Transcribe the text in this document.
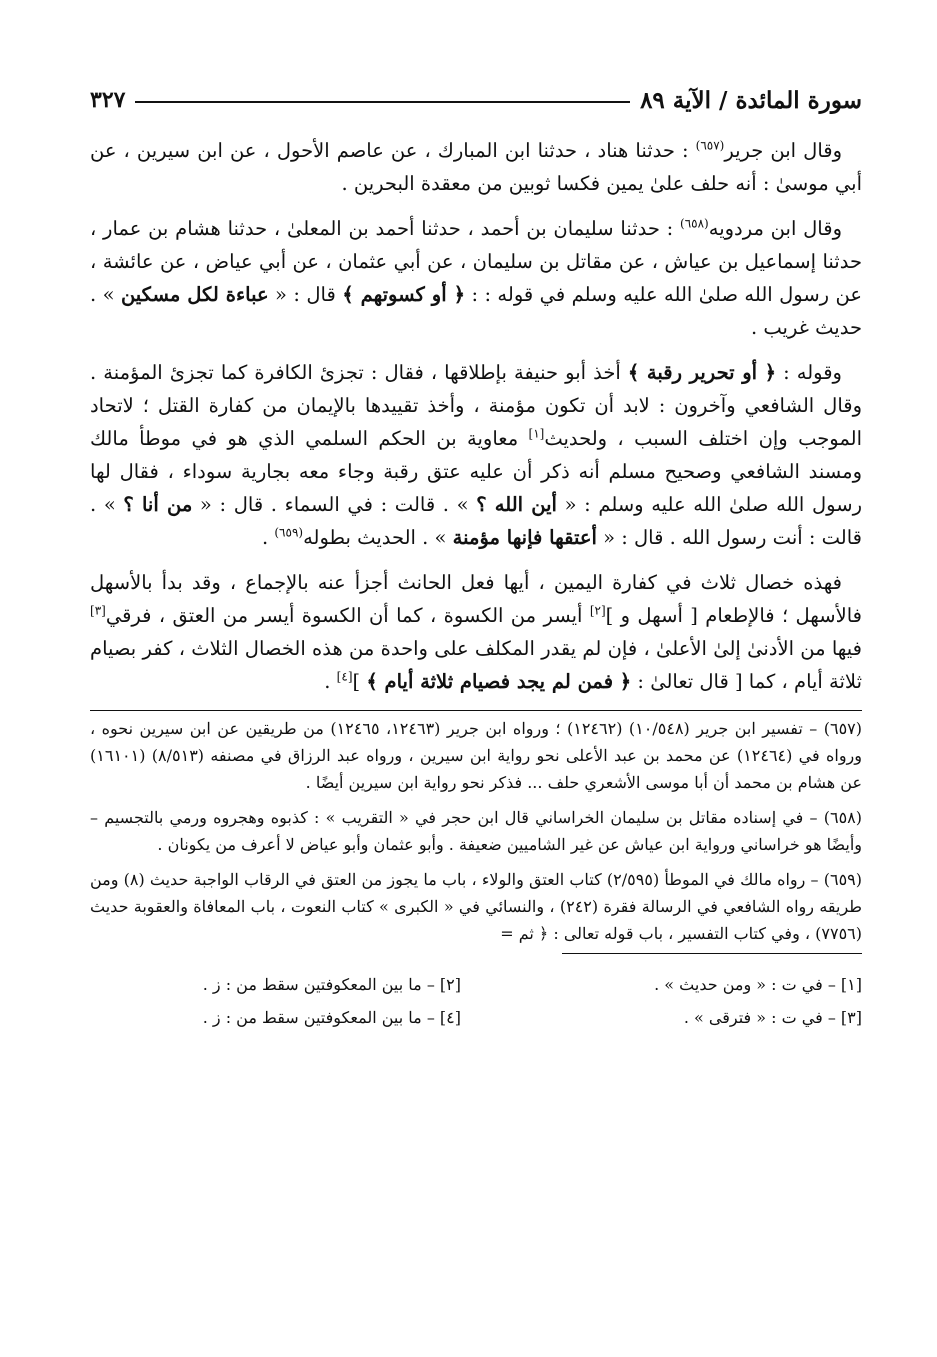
سورة المائدة / الآية ٨٩
٣٢٧

وقال ابن جرير$^{(٦٥٧)}$ : حدثنا هناد ، حدثنا ابن المبارك ، عن عاصم الأحول ، عن ابن سيرين ، عن أبي موسىٰ : أنه حلف علىٰ يمين فكسا ثوبين من معقدة البحرين .

وقال ابن مردويه$^{(٦٥٨)}$ : حدثنا سليمان بن أحمد ، حدثنا أحمد بن المعلىٰ ، حدثنا هشام بن عمار ، حدثنا إسماعيل بن عياش ، عن مقاتل بن سليمان ، عن أبي عثمان ، عن أبي عياض ، عن عائشة ، عن رسول الله صلىٰ الله عليه وسلم في قوله : : ﴿ أو كسوتهم ﴾ قال : « عباءة لكل مسكين » . حديث غريب .

وقوله : ﴿ أو تحرير رقبة ﴾ أخذ أبو حنيفة بإطلاقها ، فقال : تجزئ الكافرة كما تجزئ المؤمنة . وقال الشافعي وآخرون : لابد أن تكون مؤمنة ، وأخذ تقييدها بالإيمان من كفارة القتل ؛ لاتحاد الموجب وإن اختلف السبب ، ولحديث[١] معاوية بن الحكم السلمي الذي هو في موطأ مالك ومسند الشافعي وصحيح مسلم أنه ذكر أن عليه عتق رقبة وجاء معه بجارية سوداء ، فقال لها رسول الله صلىٰ الله عليه وسلم : « أين الله ؟ » . قالت : في السماء . قال : « من أنا ؟ » . قالت : أنت رسول الله . قال : « أعتقها فإنها مؤمنة » . الحديث بطوله$^{(٦٥٩)}$ .

فهذه خصال ثلاث في كفارة اليمين ، أيها فعل الحانث أجزأ عنه بالإجماع ، وقد بدأ بالأسهل فالأسهل ؛ فالإطعام [ أسهل و ][٢] أيسر من الكسوة ، كما أن الكسوة أيسر من العتق ، فرقي[٣] فيها من الأدنىٰ إلىٰ الأعلىٰ ، فإن لم يقدر المكلف على واحدة من هذه الخصال الثلاث ، كفر بصيام ثلاثة أيام ، كما [ قال تعالىٰ : ﴿ فمن لم يجد فصيام ثلاثة أيام ﴾ ][٤] .

(٦٥٧) – تفسير ابن جرير (١٠/٥٤٨) (١٢٤٦٢) ؛ ورواه ابن جرير (١٢٤٦٣، ١٢٤٦٥) من طريقين عن ابن سيرين نحوه ، ورواه في (١٢٤٦٤) عن محمد بن عبد الأعلى نحو رواية ابن سيرين ، ورواه عبد الرزاق في مصنفه (٨/٥١٣) (١٦١٠١) عن هشام بن محمد أن أبا موسى الأشعري حلف ... فذكر نحو رواية ابن سيرين أيضًا .

(٦٥٨) – في إسناده مقاتل بن سليمان الخراساني قال ابن حجر في « التقريب » : كذبوه وهجروه ورمي بالتجسيم – وأيضًا هو خراساني ورواية ابن عياش عن غير الشاميين ضعيفة . وأبو عثمان وأبو عياض لا أعرف من يكونان .

(٦٥٩) – رواه مالك في الموطأ (٢/٥٩٥) كتاب العتق والولاء ، باب ما يجوز من العتق في الرقاب الواجبة حديث (٨) ومن طريقه رواه الشافعي في الرسالة فقرة (٢٤٢) ، والنسائي في « الكبرى » كتاب النعوت ، باب المعافاة والعقوبة حديث (٧٧٥٦) ، وفي كتاب التفسير ، باب قوله تعالى : ﴿ ثم =

[١] – في ت : « ومن حديث » .
[٢] – ما بين المعكوفتين سقط من : ز .
[٣] – في ت : « فترقى » .
[٤] – ما بين المعكوفتين سقط من : ز .
